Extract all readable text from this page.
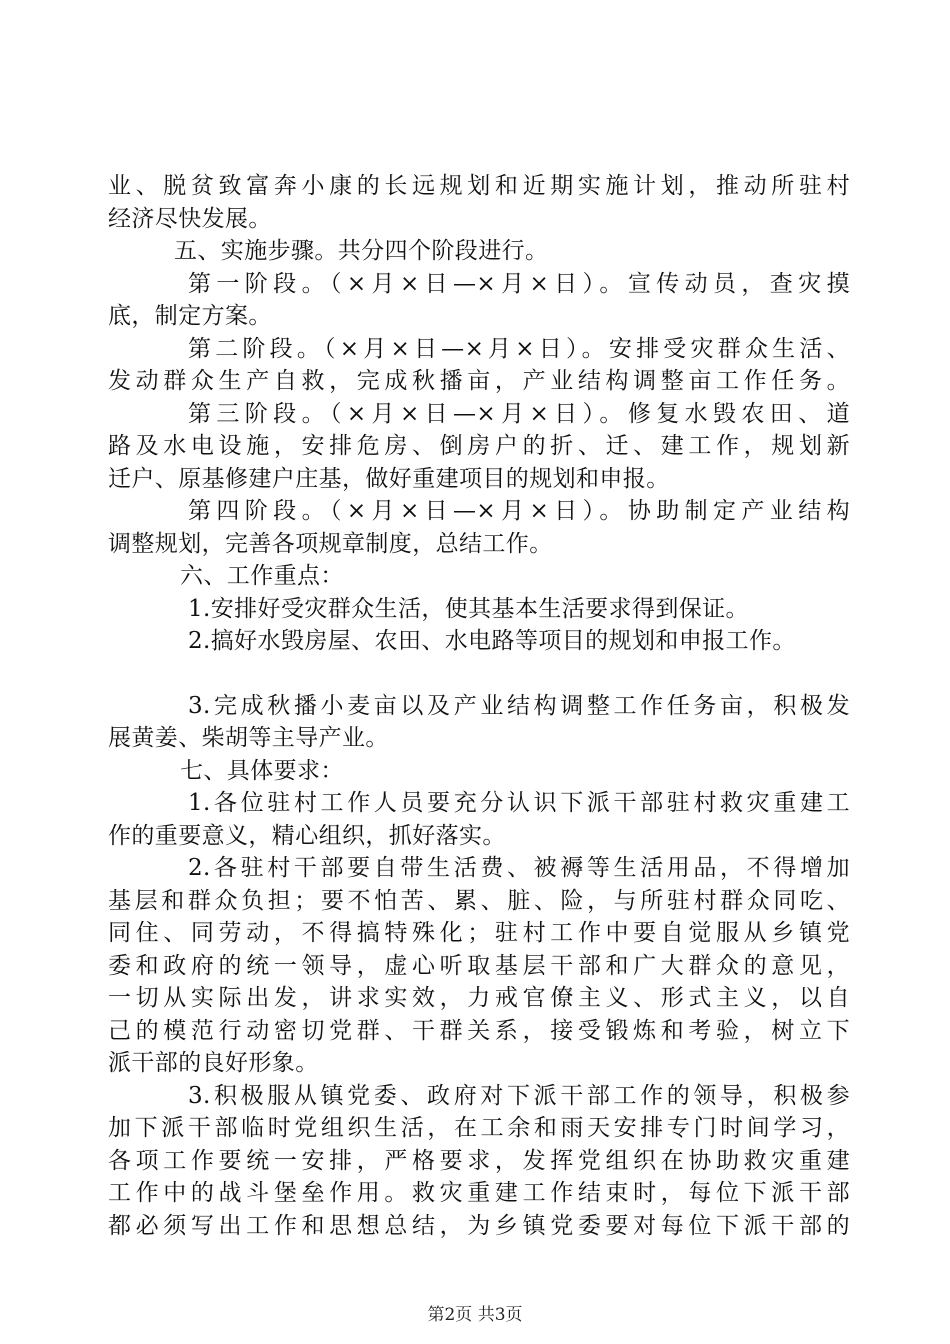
业、脱贫致富奔小康的长远规划和近期实施计划，推动所驻村
经济尽快发展。
五、实施步骤。共分四个阶段进行。
第一阶段。（×月×日—×月×日）。宣传动员，查灾摸
底，制定方案。
第二阶段。（×月×日—×月×日）。安排受灾群众生活、
发动群众生产自救，完成秋播亩，产业结构调整亩工作任务。
第三阶段。（×月×日—×月×日）。修复水毁农田、道
路及水电设施，安排危房、倒房户的折、迁、建工作，规划新
迁户、原基修建户庄基，做好重建项目的规划和申报。
第四阶段。（×月×日—×月×日）。协助制定产业结构
调整规划，完善各项规章制度，总结工作。
六、工作重点：
1.安排好受灾群众生活，使其基本生活要求得到保证。
2.搞好水毁房屋、农田、水电路等项目的规划和申报工作。
3.完成秋播小麦亩以及产业结构调整工作任务亩，积极发
展黄姜、柴胡等主导产业。
七、具体要求：
1.各位驻村工作人员要充分认识下派干部驻村救灾重建工
作的重要意义，精心组织，抓好落实。
2.各驻村干部要自带生活费、被褥等生活用品，不得增加
基层和群众负担；要不怕苦、累、脏、险，与所驻村群众同吃、
同住、同劳动，不得搞特殊化；驻村工作中要自觉服从乡镇党
委和政府的统一领导，虚心听取基层干部和广大群众的意见，
一切从实际出发，讲求实效，力戒官僚主义、形式主义，以自
己的模范行动密切党群、干群关系，接受锻炼和考验，树立下
派干部的良好形象。
3.积极服从镇党委、政府对下派干部工作的领导，积极参
加下派干部临时党组织生活，在工余和雨天安排专门时间学习，
各项工作要统一安排，严格要求，发挥党组织在协助救灾重建
工作中的战斗堡垒作用。救灾重建工作结束时，每位下派干部
都必须写出工作和思想总结，为乡镇党委要对每位下派干部的
第2页 共3页
